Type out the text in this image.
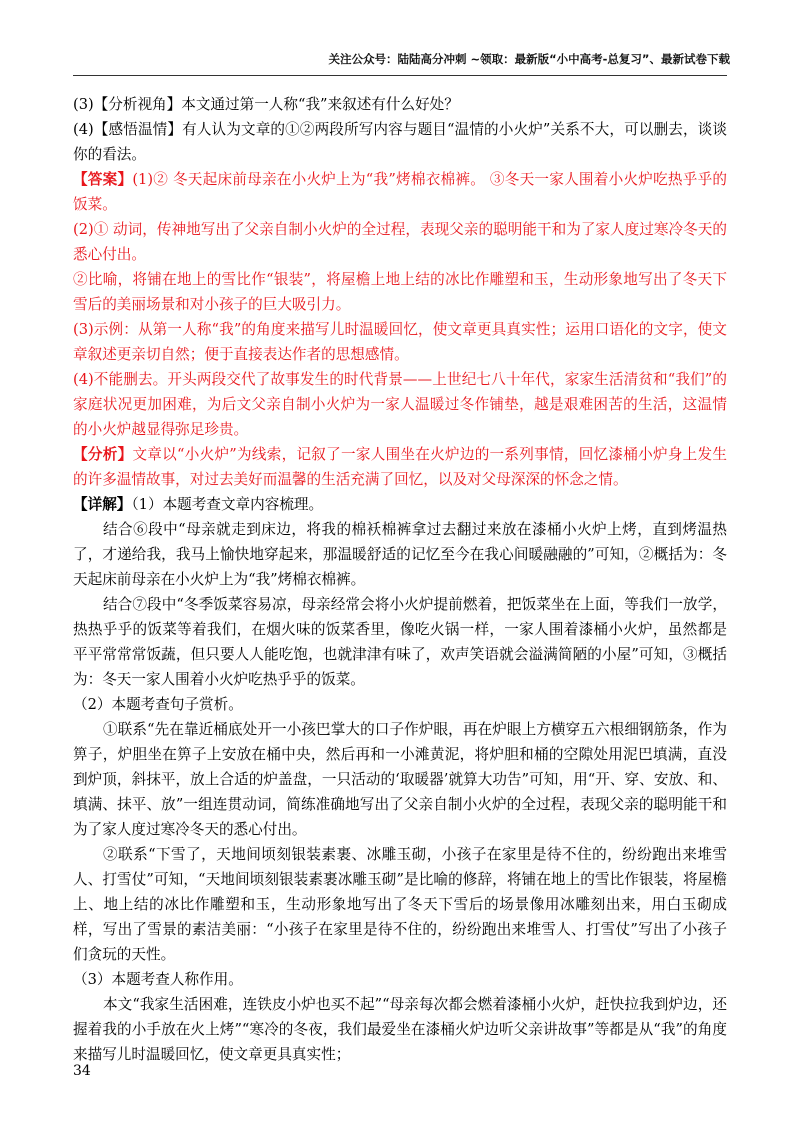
关注公众号：陆陆高分冲刺 ~领取：最新版“小中高考-总复习”、最新试卷下载

(3)【分析视角】本文通过第一人称“我”来叙述有什么好处？

(4)【感悟温情】有人认为文章的①②两段所写内容与题目“温情的小火炉”关系不大，可以删去，谈谈你的看法。

【答案】(1)② 冬天起床前母亲在小火炉上为“我”烤棉衣棉裤。 ③冬天一家人围着小火炉吃热乎乎的饭菜。

(2)① 动词，传神地写出了父亲自制小火炉的全过程，表现父亲的聪明能干和为了家人度过寒冷冬天的悉心付出。

②比喻，将铺在地上的雪比作“银装”，将屋檐上地上结的冰比作雕塑和玉，生动形象地写出了冬天下雪后的美丽场景和对小孩子的巨大吸引力。

(3)示例：从第一人称“我”的角度来描写儿时温暖回忆，使文章更具真实性；运用口语化的文字，使文章叙述更亲切自然；便于直接表达作者的思想感情。

(4)不能删去。开头两段交代了故事发生的时代背景——上世纪七八十年代，家家生活清贫和“我们”的家庭状况更加困难，为后文父亲自制小火炉为一家人温暖过冬作铺垫，越是艰难困苦的生活，这温情的小火炉越显得弥足珍贵。

【分析】文章以“小火炉”为线索，记叙了一家人围坐在火炉边的一系列事情，回忆漆桶小炉身上发生的许多温情故事，对过去美好而温馨的生活充满了回忆，以及对父母深深的怀念之情。

【详解】（1）本题考查文章内容梳理。

结合⑥段中“母亲就走到床边，将我的棉袄棉裤拿过去翻过来放在漆桶小火炉上烤，直到烤温热了，才递给我，我马上愉快地穿起来，那温暖舒适的记忆至今在我心间暖融融的”可知，②概括为：冬天起床前母亲在小火炉上为“我”烤棉衣棉裤。

结合⑦段中“冬季饭菜容易凉，母亲经常会将小火炉提前燃着，把饭菜坐在上面，等我们一放学，热热乎乎的饭菜等着我们，在烟火味的饭菜香里，像吃火锅一样，一家人围着漆桶小火炉，虽然都是平平常常常饭蔬，但只要人人能吃饱，也就津津有味了，欢声笑语就会溢满简陋的小屋”可知，③概括为：冬天一家人围着小火炉吃热乎乎的饭菜。

（2）本题考查句子赏析。

①联系“先在靠近桶底处开一小孩巴掌大的口子作炉眼，再在炉眼上方横穿五六根细钢筋条，作为箅子，炉胆坐在箅子上安放在桶中央，然后再和一小滩黄泥，将炉胆和桶的空隙处用泥巴填满，直没到炉顶，斜抹平，放上合适的炉盖盘，一只活动的‘取暖器’就算大功告”可知，用“开、穿、安放、和、填满、抹平、放”一组连贯动词，简练准确地写出了父亲自制小火炉的全过程，表现父亲的聪明能干和为了家人度过寒冷冬天的悉心付出。

②联系“下雪了，天地间顷刻银装素裹、冰雕玉砌，小孩子在家里是待不住的，纷纷跑出来堆雪人、打雪仗”可知，“天地间顷刻银装素裹冰雕玉砌”是比喻的修辞，将铺在地上的雪比作银装，将屋檐上、地上结的冰比作雕塑和玉，生动形象地写出了冬天下雪后的场景像用冰雕刻出来，用白玉砌成样，写出了雪景的素洁美丽：“小孩子在家里是待不住的，纷纷跑出来堆雪人、打雪仗”写出了小孩子们贪玩的天性。

（3）本题考查人称作用。

本文“我家生活困难，连铁皮小炉也买不起”“母亲每次都会燃着漆桶小火炉，赶快拉我到炉边，还握着我的小手放在火上烤”“寒冷的冬夜，我们最爱坐在漆桶火炉边听父亲讲故事”等都是从“我”的角度来描写儿时温暖回忆，使文章更具真实性；

34
